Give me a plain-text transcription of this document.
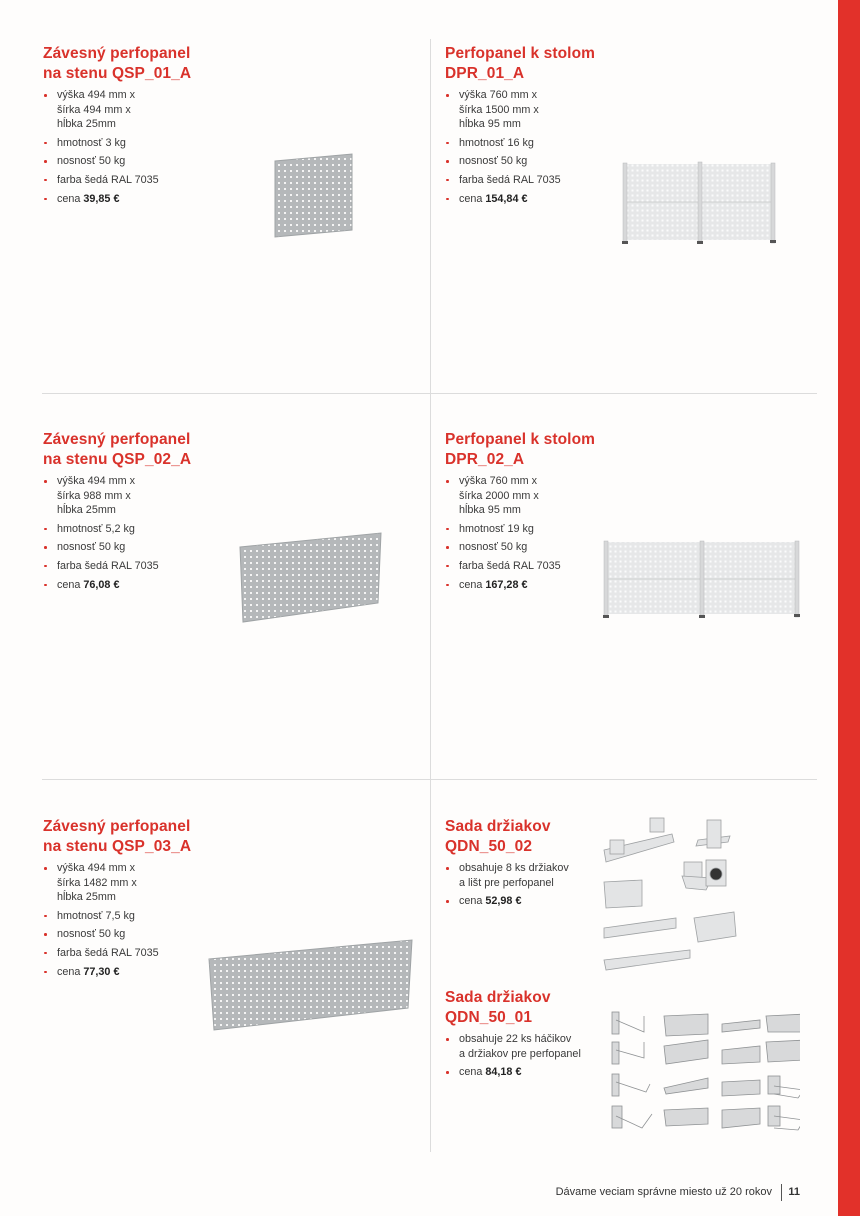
Závesný perfopanel
na stenu QSP_01_A
výška 494 mm x
šírka 494 mm x
hĺbka 25mm
hmotnosť 3 kg
nosnosť 50 kg
farba šedá RAL 7035
cena 39,85 €
Perfopanel k stolom
DPR_01_A
výška 760 mm x
šírka 1500 mm x
hĺbka 95 mm
hmotnosť 16 kg
nosnosť 50 kg
farba šedá RAL 7035
cena 154,84 €
Závesný perfopanel
na stenu QSP_02_A
výška 494 mm x
šírka 988 mm x
hĺbka 25mm
hmotnosť 5,2 kg
nosnosť 50 kg
farba šedá RAL 7035
cena 76,08 €
Perfopanel k stolom
DPR_02_A
výška 760 mm x
šírka 2000 mm x
hĺbka 95 mm
hmotnosť 19 kg
nosnosť 50 kg
farba šedá RAL 7035
cena 167,28 €
Závesný perfopanel
na stenu QSP_03_A
výška 494 mm x
šírka 1482 mm x
hĺbka 25mm
hmotnosť 7,5 kg
nosnosť 50 kg
farba šedá RAL 7035
cena 77,30 €
Sada držiakov
QDN_50_02
obsahuje 8 ks držiakov
a lišt pre perfopanel
cena 52,98 €
Sada držiakov
QDN_50_01
obsahuje 22 ks háčikov
a držiakov pre perfopanel
cena 84,18 €
Dávame veciam správne miesto už 20 rokov 11
